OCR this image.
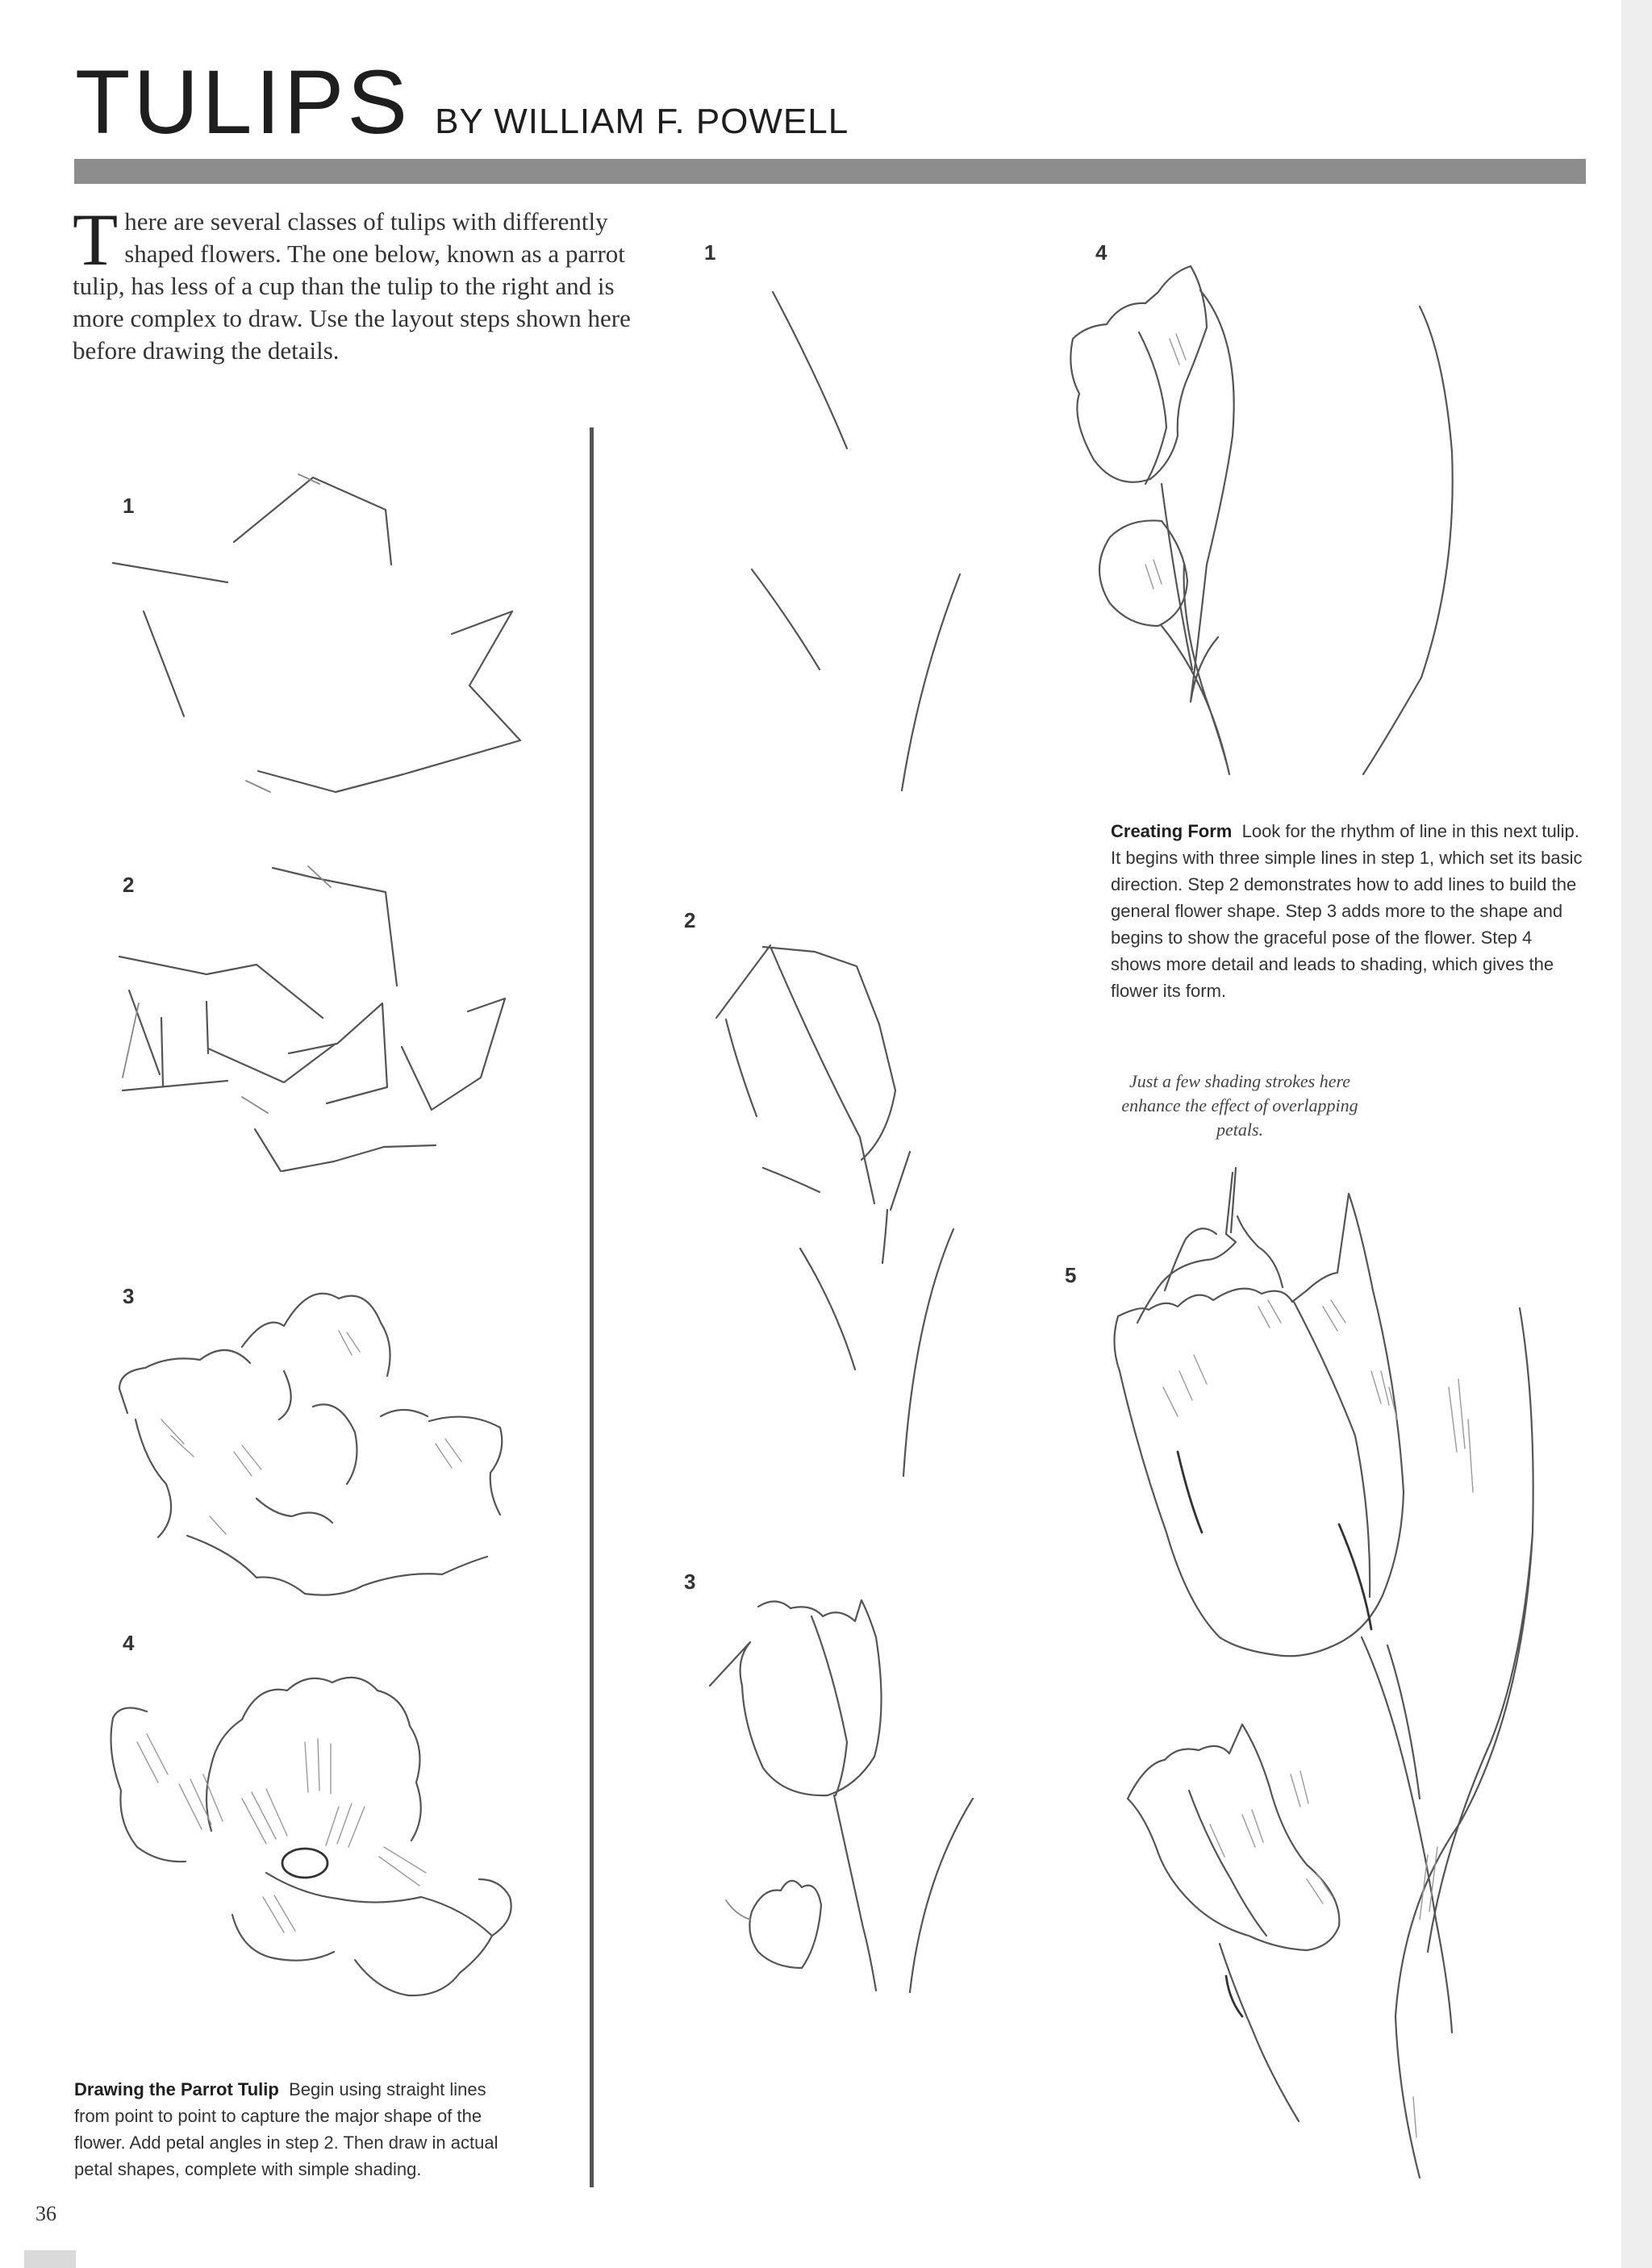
TULIPS BY WILLIAM F. POWELL
There are several classes of tulips with differently shaped flowers. The one below, known as a parrot tulip, has less of a cup than the tulip to the right and is more complex to draw. Use the layout steps shown here before drawing the details.
1
2
3
4
1
2
3
4
5
Creating Form Look for the rhythm of line in this next tulip. It begins with three simple lines in step 1, which set its basic direction. Step 2 demonstrates how to add lines to build the general flower shape. Step 3 adds more to the shape and begins to show the graceful pose of the flower. Step 4 shows more detail and leads to shading, which gives the flower its form.
Drawing the Parrot Tulip Begin using straight lines from point to point to capture the major shape of the flower. Add petal angles in step 2. Then draw in actual petal shapes, complete with simple shading.
Just a few shading strokes here enhance the effect of overlapping petals.
36
